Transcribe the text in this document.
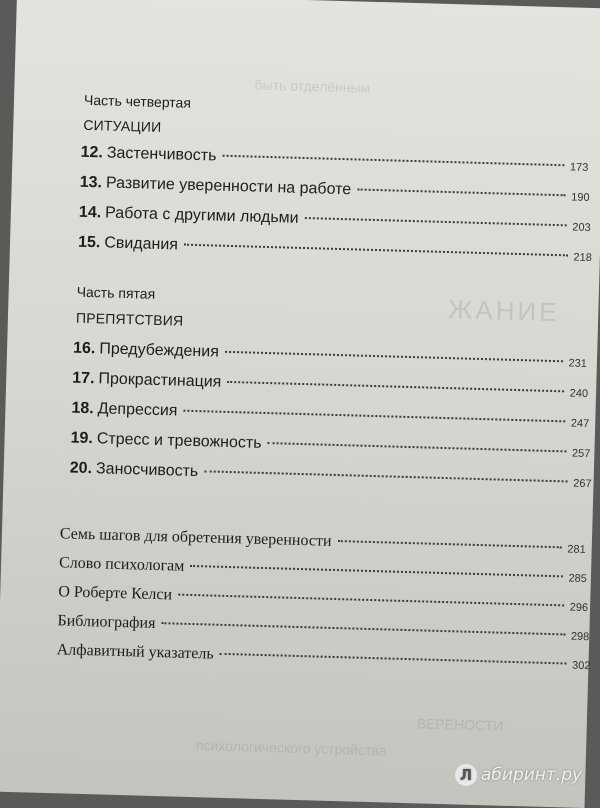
быть отделённым
ЖАНИЕ
Часть четвертая
СИТУАЦИИ
12. Застенчивость
173
13. Развитие уверенности на работе	190
14. Работа с другими людьми
203
15. Свидания
218
Часть пятая
ПРЕПЯТСТВИЯ
16. Предубеждения
231
17. Прокрастинация
240
18. Депрессия
247
19. Стресс и тревожность
257
20. Заносчивость
267
Семь шагов для обретения уверенности	281
Слово психологам
285
О Роберте Келси
296
Библиография
298
Алфавитный указатель
302
ВЕРЕНОСТИ
психологического устройства
Л абиринт.ру
